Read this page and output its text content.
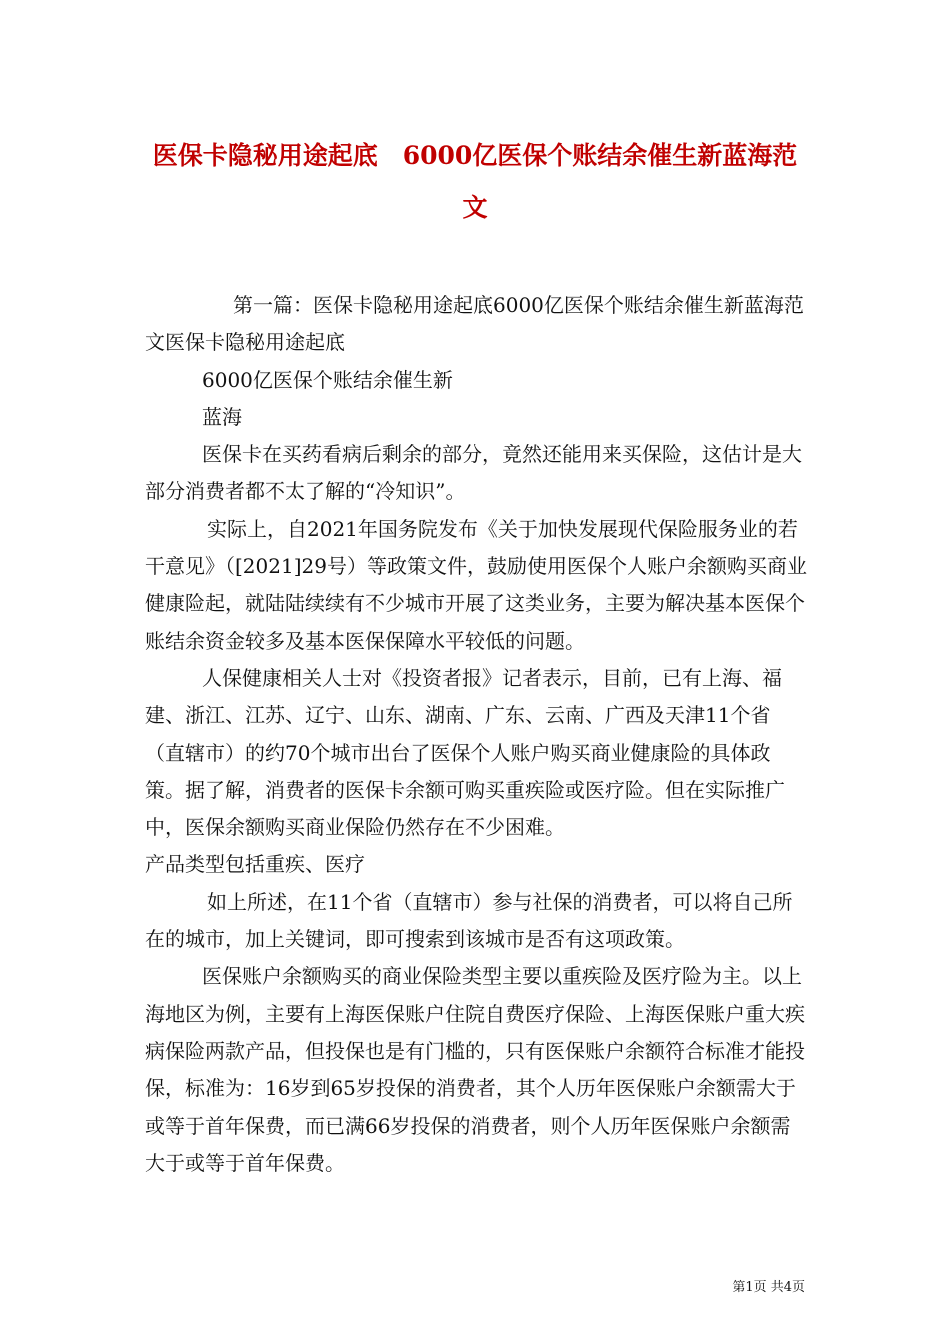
医保卡隐秘用途起底　6000亿医保个账结余催生新蓝海范
文

第一篇：医保卡隐秘用途起底6000亿医保个账结余催生新蓝海范文医保卡隐秘用途起底

6000亿医保个账结余催生新

蓝海

医保卡在买药看病后剩余的部分，竟然还能用来买保险，这估计是大部分消费者都不太了解的“冷知识”。

实际上，自2021年国务院发布《关于加快发展现代保险服务业的若干意见》（[2021]29号）等政策文件，鼓励使用医保个人账户余额购买商业健康险起，就陆陆续续有不少城市开展了这类业务，主要为解决基本医保个账结余资金较多及基本医保保障水平较低的问题。

人保健康相关人士对《投资者报》记者表示，目前，已有上海、福建、浙江、江苏、辽宁、山东、湖南、广东、云南、广西及天津11个省（直辖市）的约70个城市出台了医保个人账户购买商业健康险的具体政策。据了解，消费者的医保卡余额可购买重疾险或医疗险。但在实际推广中，医保余额购买商业保险仍然存在不少困难。

产品类型包括重疾、医疗

如上所述，在11个省（直辖市）参与社保的消费者，可以将自己所在的城市，加上关键词，即可搜索到该城市是否有这项政策。

医保账户余额购买的商业保险类型主要以重疾险及医疗险为主。以上海地区为例，主要有上海医保账户住院自费医疗保险、上海医保账户重大疾病保险两款产品，但投保也是有门槛的，只有医保账户余额符合标准才能投保，标准为：16岁到65岁投保的消费者，其个人历年医保账户余额需大于或等于首年保费，而已满66岁投保的消费者，则个人历年医保账户余额需大于或等于首年保费。

第1页 共4页
